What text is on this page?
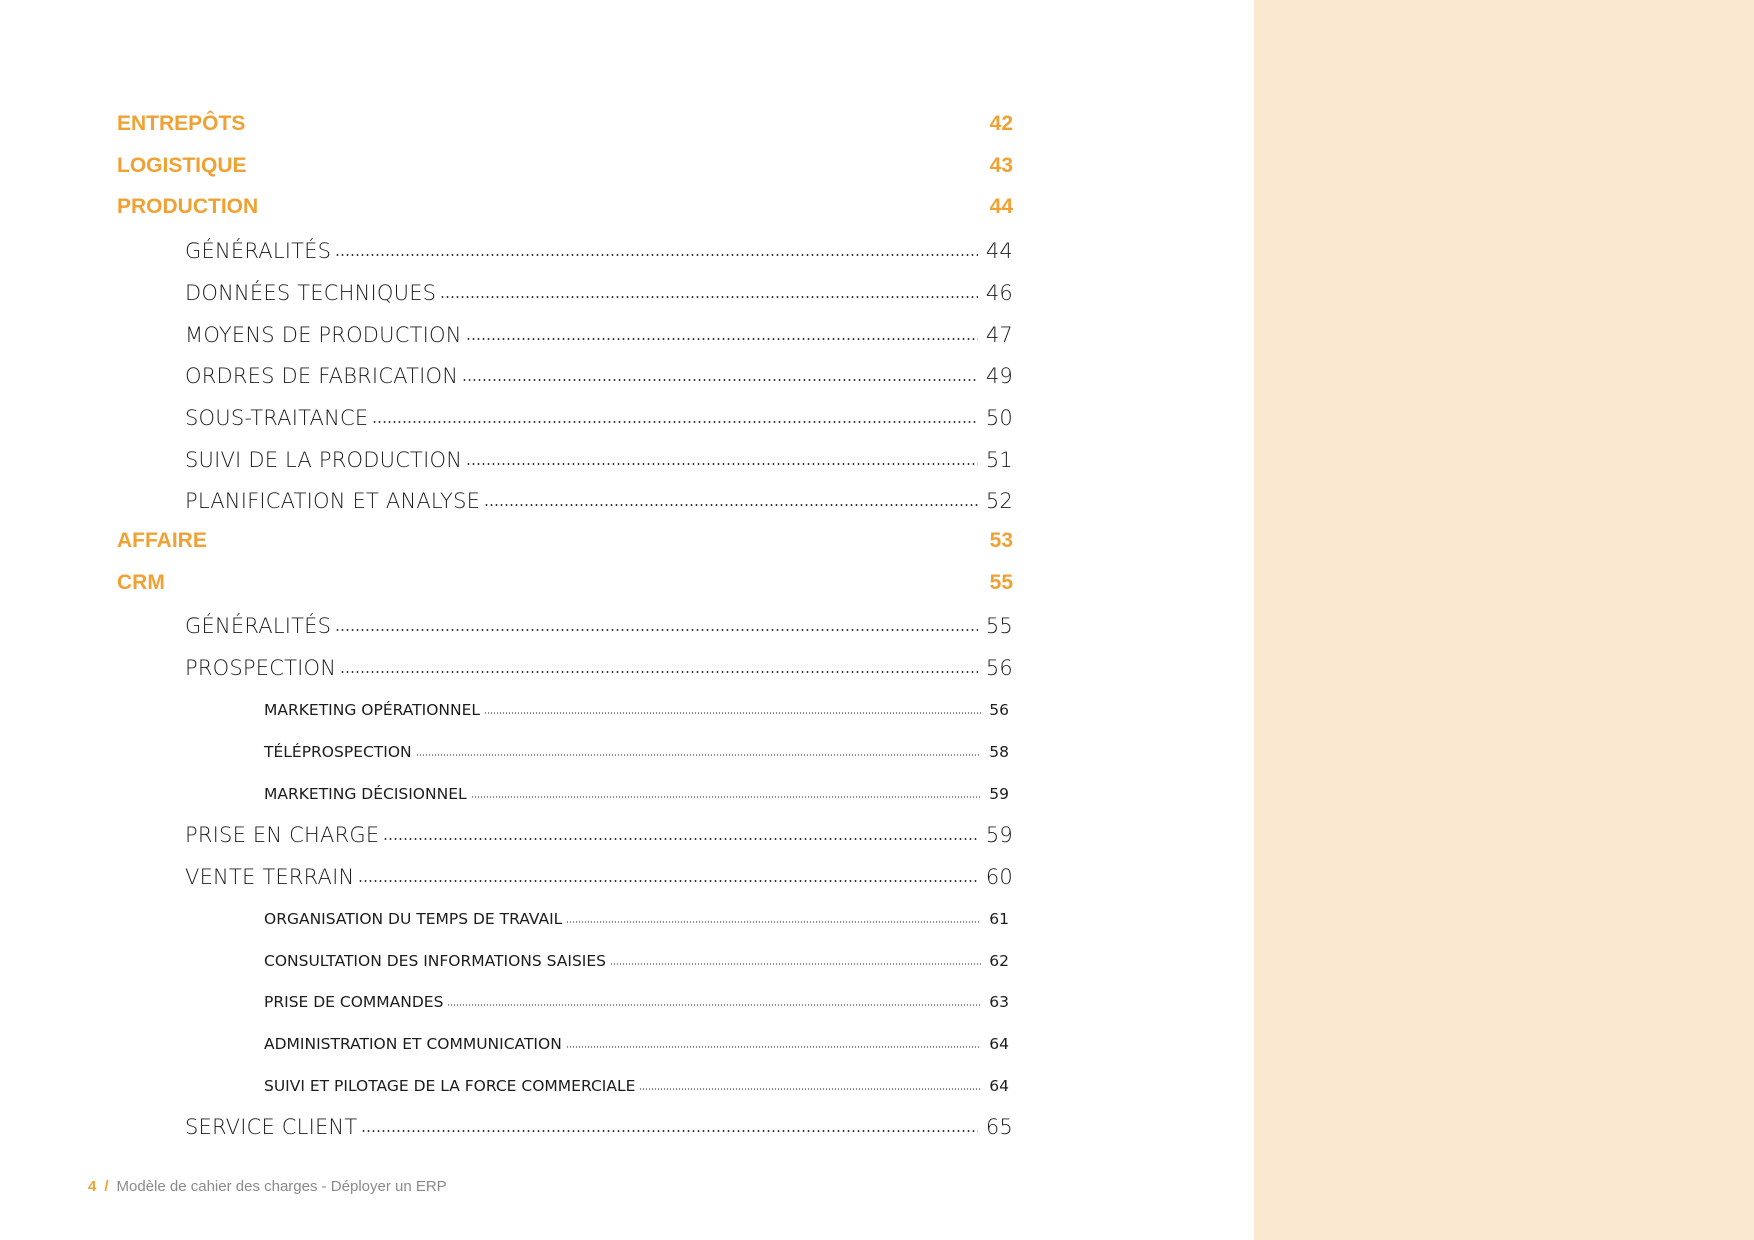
ENTREPÔTS	42
LOGISTIQUE	43
PRODUCTION	44
GÉNÉRALITÉS	44
DONNÉES TECHNIQUES	46
MOYENS DE PRODUCTION	47
ORDRES DE FABRICATION	49
SOUS-TRAITANCE	50
SUIVI DE LA PRODUCTION	51
PLANIFICATION ET ANALYSE	52
AFFAIRE	53
CRM	55
GÉNÉRALITÉS	55
PROSPECTION	56
MARKETING OPÉRATIONNEL	56
TÉLÉPROSPECTION	58
MARKETING DÉCISIONNEL	59
PRISE EN CHARGE	59
VENTE TERRAIN	60
ORGANISATION DU TEMPS DE TRAVAIL	61
CONSULTATION DES INFORMATIONS SAISIES	62
PRISE DE COMMANDES	63
ADMINISTRATION ET COMMUNICATION	64
SUIVI ET PILOTAGE DE LA FORCE COMMERCIALE	64
SERVICE CLIENT	65
4 / Modèle de cahier des charges - Déployer un ERP
